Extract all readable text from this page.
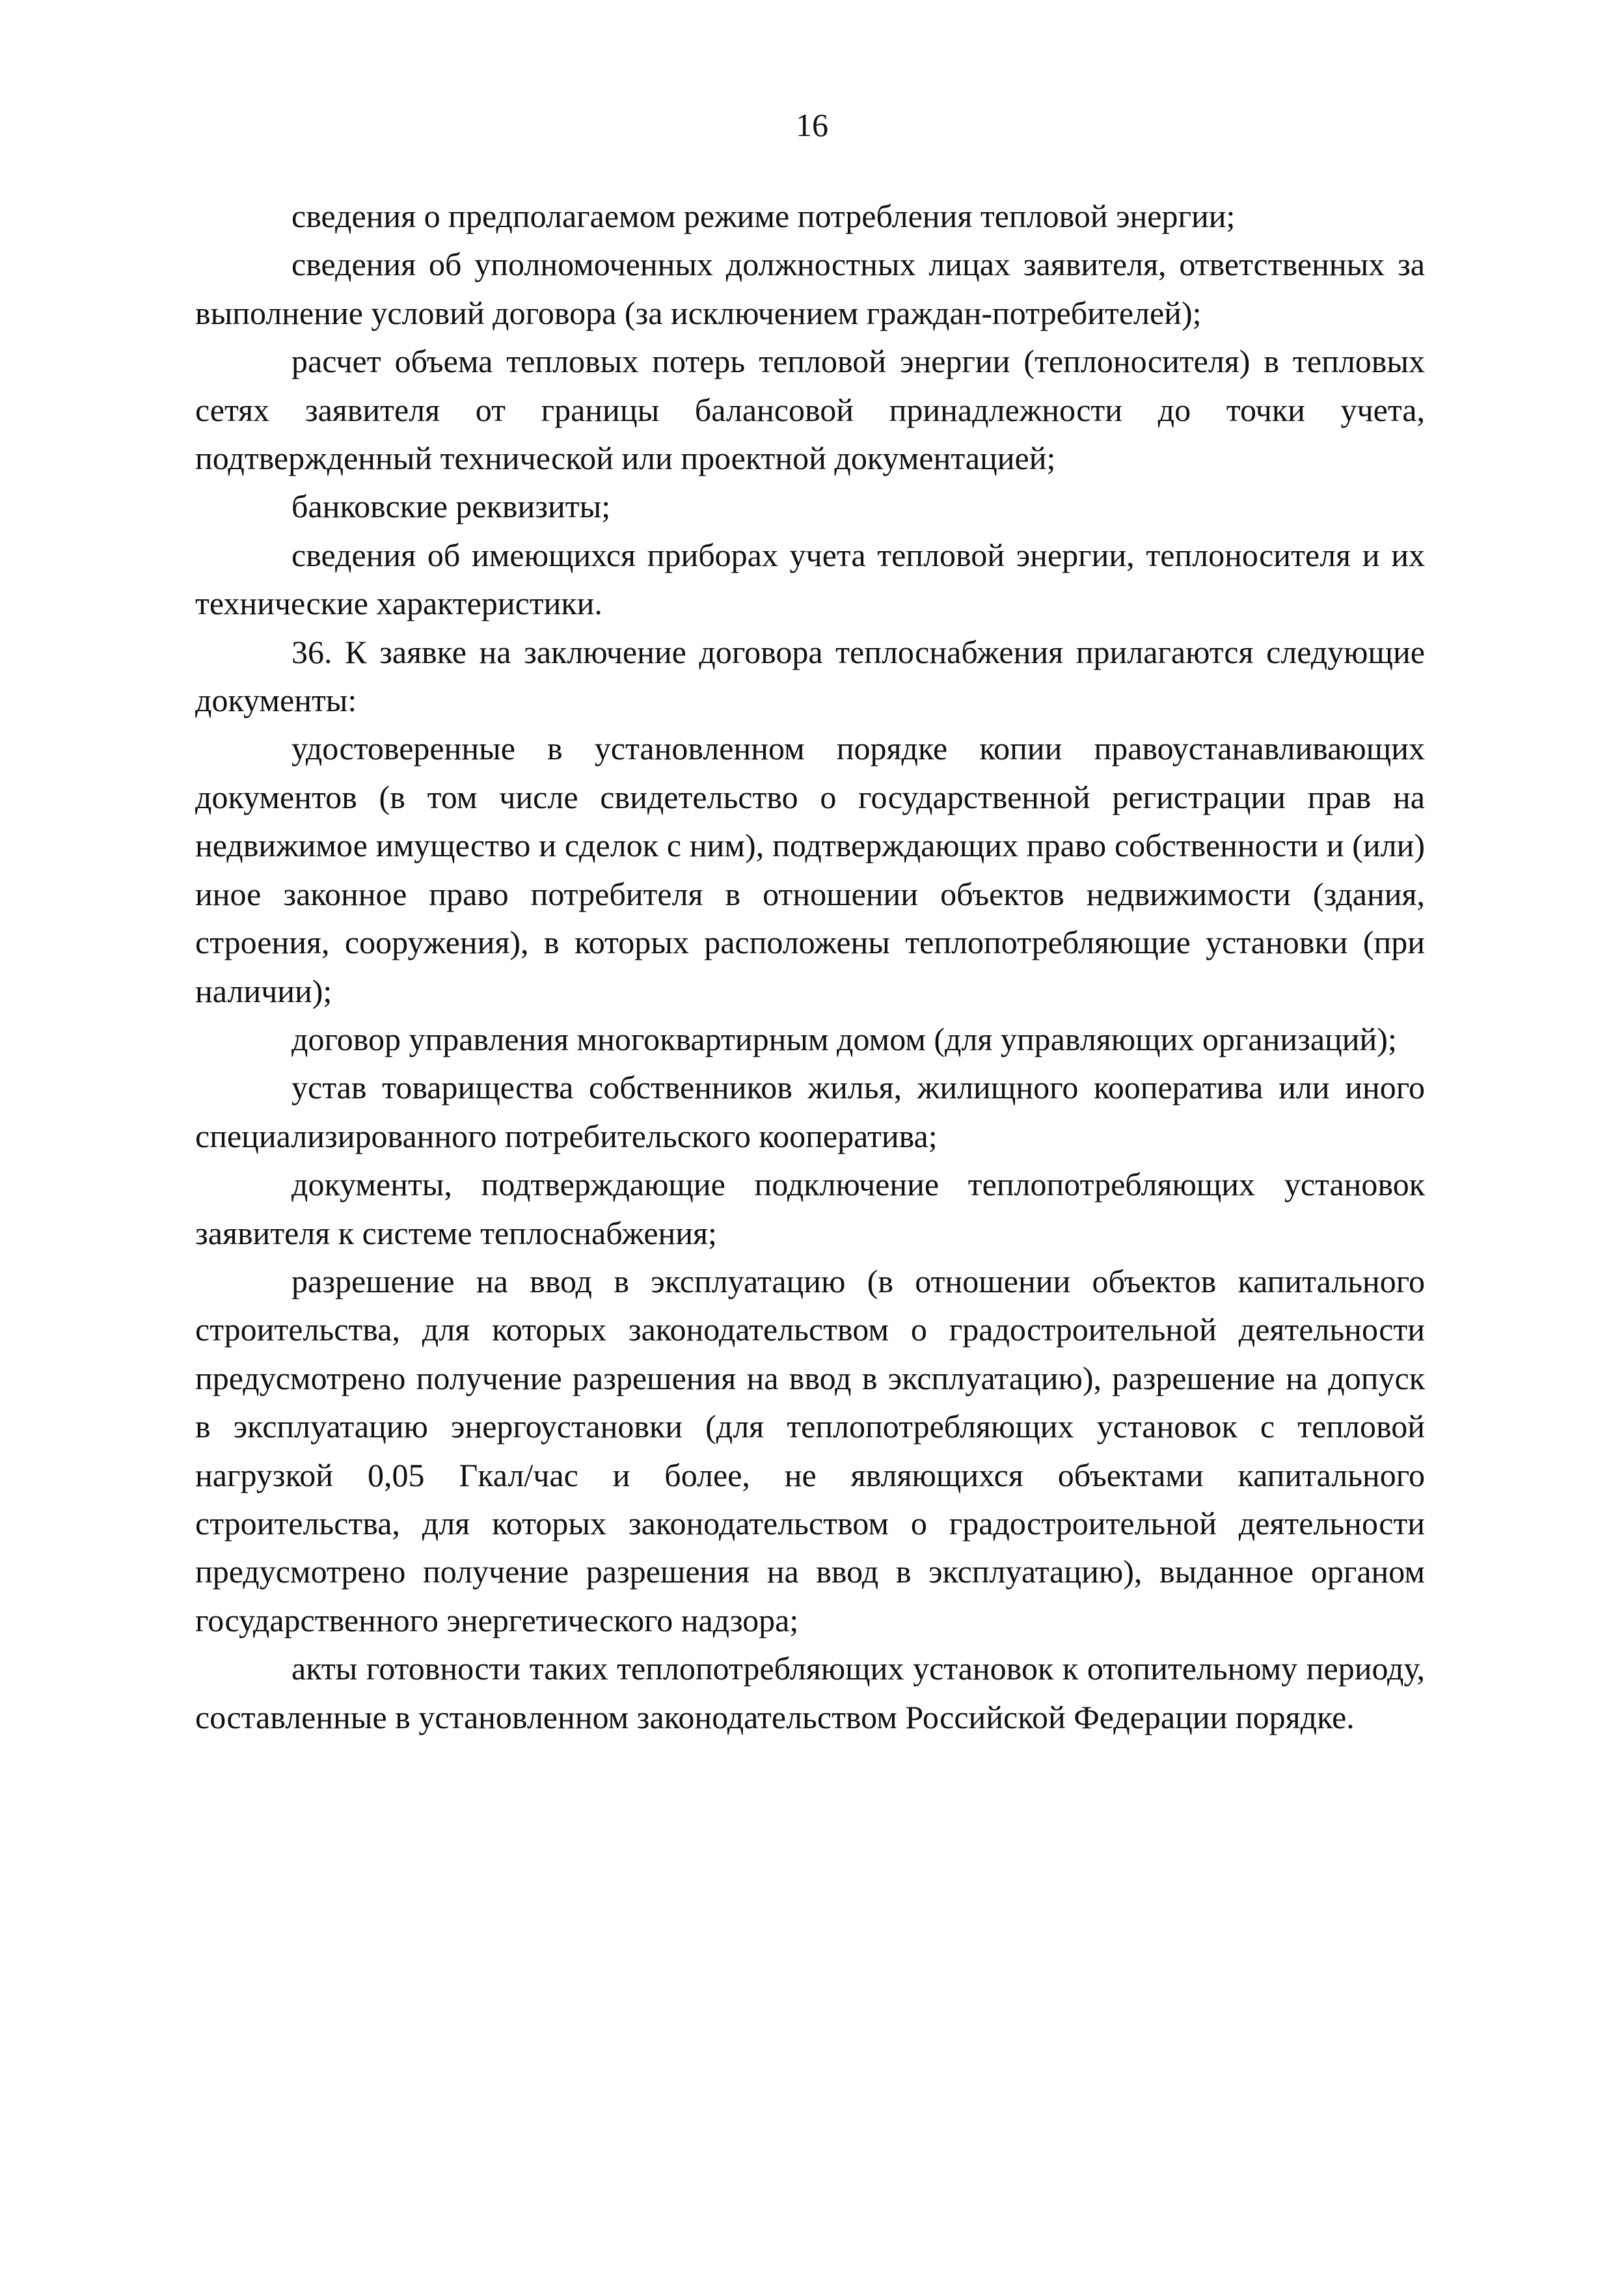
16

сведения о предполагаемом режиме потребления тепловой энергии;

сведения об уполномоченных должностных лицах заявителя, ответственных за выполнение условий договора (за исключением граждан-потребителей);

расчет объема тепловых потерь тепловой энергии (теплоносителя) в тепловых сетях заявителя от границы балансовой принадлежности до точки учета, подтвержденный технической или проектной документацией;

банковские реквизиты;

сведения об имеющихся приборах учета тепловой энергии, теплоносителя и их технические характеристики.

36. К заявке на заключение договора теплоснабжения прилагаются следующие документы:

удостоверенные в установленном порядке копии правоустанавливающих документов (в том числе свидетельство о государственной регистрации прав на недвижимое имущество и сделок с ним), подтверждающих право собственности и (или) иное законное право потребителя в отношении объектов недвижимости (здания, строения, сооружения), в которых расположены теплопотребляющие установки (при наличии);

договор управления многоквартирным домом (для управляющих организаций);

устав товарищества собственников жилья, жилищного кооператива или иного специализированного потребительского кооператива;

документы, подтверждающие подключение теплопотребляющих установок заявителя к системе теплоснабжения;

разрешение на ввод в эксплуатацию (в отношении объектов капитального строительства, для которых законодательством о градостроительной деятельности предусмотрено получение разрешения на ввод в эксплуатацию), разрешение на допуск в эксплуатацию энергоустановки (для теплопотребляющих установок с тепловой нагрузкой 0,05 Гкал/час и более, не являющихся объектами капитального строительства, для которых законодательством о градостроительной деятельности предусмотрено получение разрешения на ввод в эксплуатацию), выданное органом государственного энергетического надзора;

акты готовности таких теплопотребляющих установок к отопительному периоду, составленные в установленном законодательством Российской Федерации порядке.
